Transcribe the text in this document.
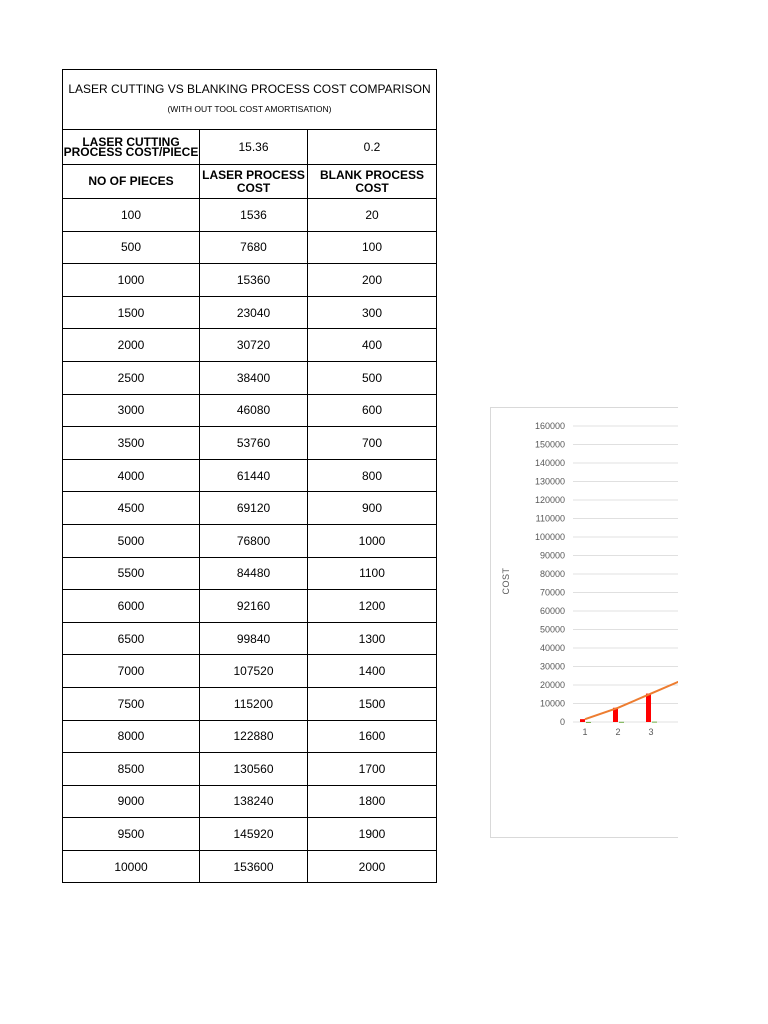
LASER CUTTING VS BLANKING PROCESS COST COMPARISON (WITH OUT TOOL COST AMORTISATION)		
LASER CUTTING PROCESS COST/PIECE	15.36	0.2
NO OF PIECES	LASER PROCESS COST	BLANK PROCESS COST
100	1536	20
500	7680	100
1000	15360	200
1500	23040	300
2000	30720	400
2500	38400	500
3000	46080	600
3500	53760	700
4000	61440	800
4500	69120	900
5000	76800	1000
5500	84480	1100
6000	92160	1200
6500	99840	1300
7000	107520	1400
7500	115200	1500
8000	122880	1600
8500	130560	1700
9000	138240	1800
9500	145920	1900
10000	153600	2000
COST
0
10000
20000
30000
40000
50000
60000
70000
80000
90000
100000
110000
120000
130000
140000
150000
160000
1	2	3
